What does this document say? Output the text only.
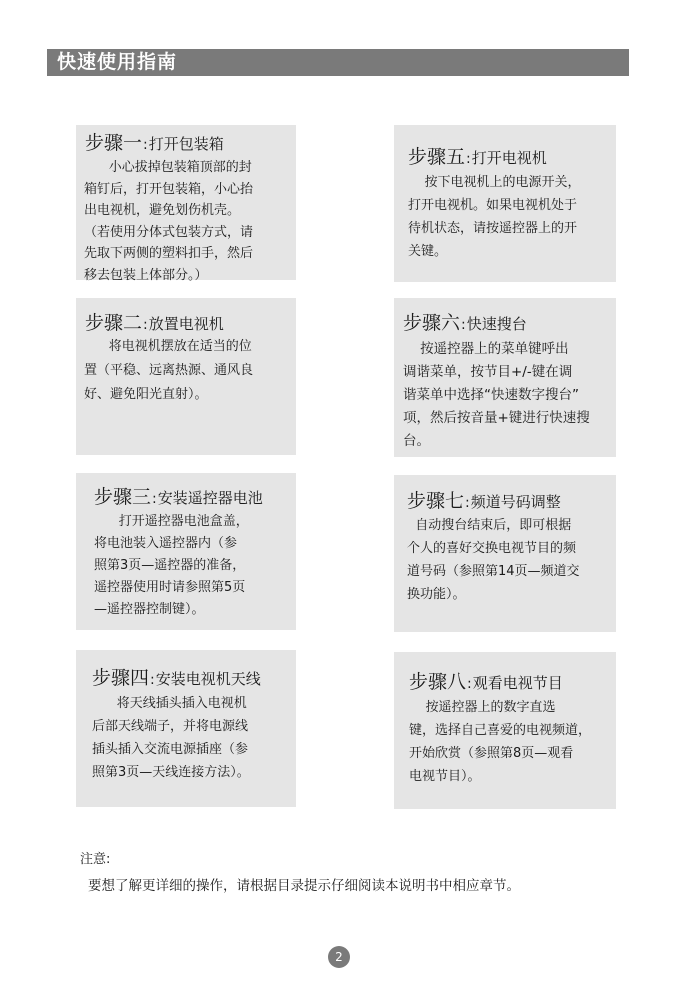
快速使用指南
步骤一:打开包装箱
小心拔掉包装箱顶部的封
箱钉后，打开包装箱，小心抬
出电视机，避免划伤机壳。
（若使用分体式包装方式，请
先取下两侧的塑料扣手，然后
移去包装上体部分。）
步骤二:放置电视机
将电视机摆放在适当的位
置（平稳、远离热源、通风良
好、避免阳光直射）。
步骤三:安装遥控器电池
打开遥控器电池盒盖，
将电池装入遥控器内（参
照第3页—遥控器的准备，
遥控器使用时请参照第5页
—遥控器控制键）。
步骤四:安装电视机天线
将天线插头插入电视机
后部天线端子，并将电源线
插头插入交流电源插座（参
照第3页—天线连接方法）。
步骤五:打开电视机
按下电视机上的电源开关，
打开电视机。如果电视机处于
待机状态，请按遥控器上的开
关键。
步骤六:快速搜台
按遥控器上的菜单键呼出
调谐菜单，按节目+/-键在调
谐菜单中选择“快速数字搜台”
项，然后按音量+键进行快速搜
台。
步骤七:频道号码调整
自动搜台结束后，即可根据
个人的喜好交换电视节目的频
道号码（参照第14页—频道交
换功能）。
步骤八:观看电视节目
按遥控器上的数字直选
键，选择自己喜爱的电视频道，
开始欣赏（参照第8页—观看
电视节目）。
注意:
要想了解更详细的操作，请根据目录提示仔细阅读本说明书中相应章节。
2
